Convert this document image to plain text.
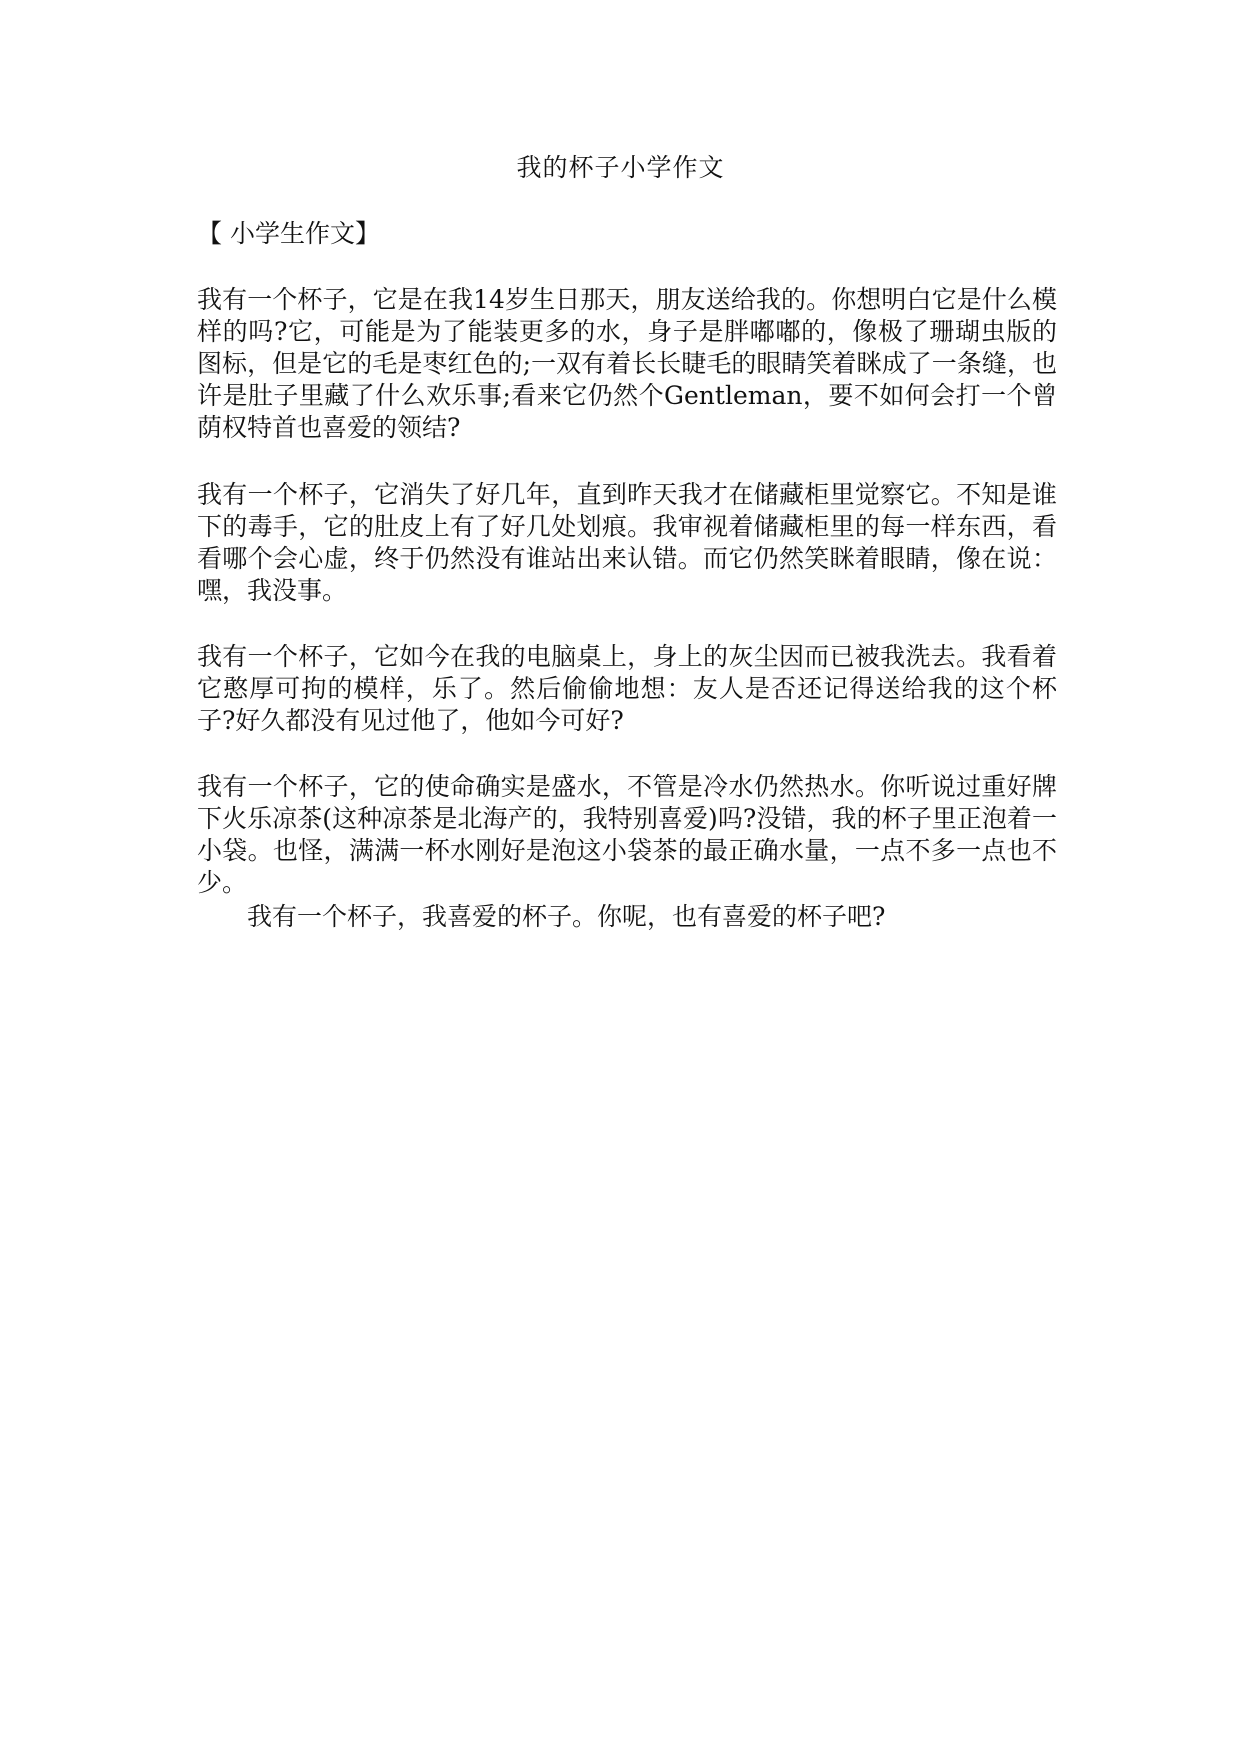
我的杯子小学作文
【 小学生作文】
我有一个杯子，它是在我14岁生日那天，朋友送给我的。你想明白它是什么模样的吗?它，可能是为了能装更多的水，身子是胖嘟嘟的，像极了珊瑚虫版的图标，但是它的毛是枣红色的;一双有着长长睫毛的眼睛笑着眯成了一条缝，也许是肚子里藏了什么欢乐事;看来它仍然个Gentleman，要不如何会打一个曾荫权特首也喜爱的领结?
我有一个杯子，它消失了好几年，直到昨天我才在储藏柜里觉察它。不知是谁下的毒手，它的肚皮上有了好几处划痕。我审视着储藏柜里的每一样东西，看看哪个会心虚，终于仍然没有谁站出来认错。而它仍然笑眯着眼睛，像在说：嘿，我没事。
我有一个杯子，它如今在我的电脑桌上，身上的灰尘因而已被我洗去。我看着它憨厚可拘的模样，乐了。然后偷偷地想：友人是否还记得送给我的这个杯子?好久都没有见过他了，他如今可好?
我有一个杯子，它的使命确实是盛水，不管是冷水仍然热水。你听说过重好牌下火乐凉茶(这种凉茶是北海产的，我特别喜爱)吗?没错，我的杯子里正泡着一小袋。也怪，满满一杯水刚好是泡这小袋茶的最正确水量，一点不多一点也不少。
我有一个杯子，我喜爱的杯子。你呢，也有喜爱的杯子吧?
